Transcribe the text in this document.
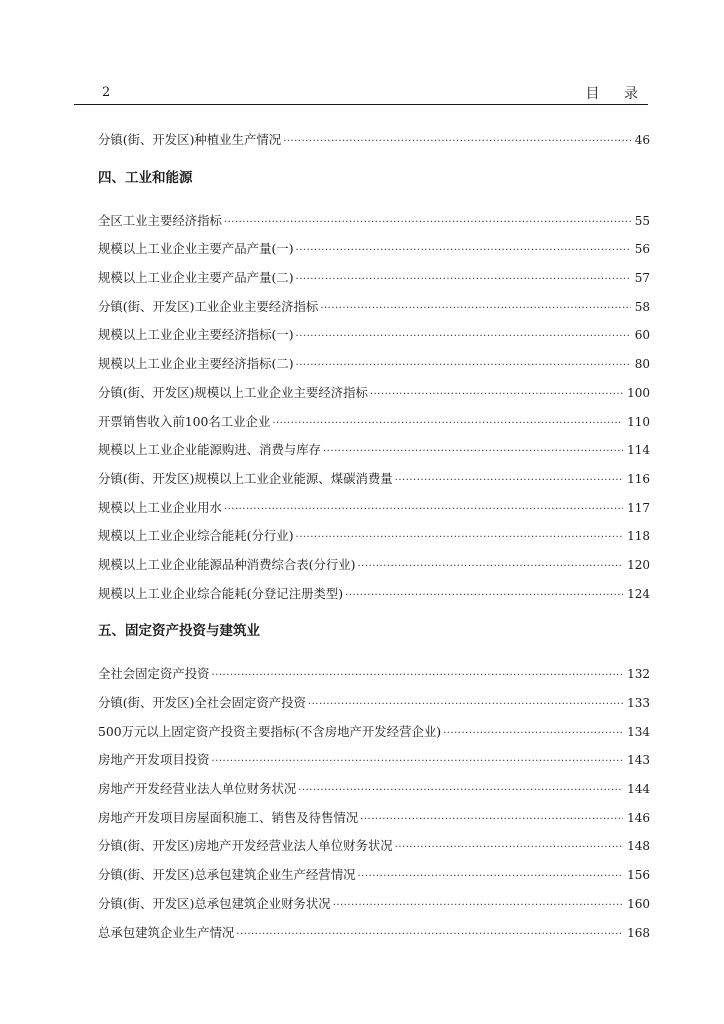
2	目 录
分镇(街、开发区)种植业生产情况 ·····	46
四、工业和能源
全区工业主要经济指标 ·····	55
规模以上工业企业主要产品产量(一) ·····	56
规模以上工业企业主要产品产量(二) ·····	57
分镇(街、开发区)工业企业主要经济指标 ·····	58
规模以上工业企业主要经济指标(一) ·····	60
规模以上工业企业主要经济指标(二) ·····	80
分镇(街、开发区)规模以上工业企业主要经济指标 ·····	100
开票销售收入前100名工业企业 ·····	110
规模以上工业企业能源购进、消费与库存 ·····	114
分镇(街、开发区)规模以上工业企业能源、煤碳消费量 ·····	116
规模以上工业企业用水 ·····	117
规模以上工业企业综合能耗(分行业) ·····	118
规模以上工业企业能源品种消费综合表(分行业) ·····	120
规模以上工业企业综合能耗(分登记注册类型) ·····	124
五、固定资产投资与建筑业
全社会固定资产投资 ·····	132
分镇(街、开发区)全社会固定资产投资 ·····	133
500万元以上固定资产投资主要指标(不含房地产开发经营企业) ·····	134
房地产开发项目投资 ·····	143
房地产开发经营业法人单位财务状况 ·····	144
房地产开发项目房屋面积施工、销售及待售情况 ·····	146
分镇(街、开发区)房地产开发经营业法人单位财务状况 ·····	148
分镇(街、开发区)总承包建筑企业生产经营情况 ·····	156
分镇(街、开发区)总承包建筑企业财务状况 ·····	160
总承包建筑企业生产情况 ·····	168
